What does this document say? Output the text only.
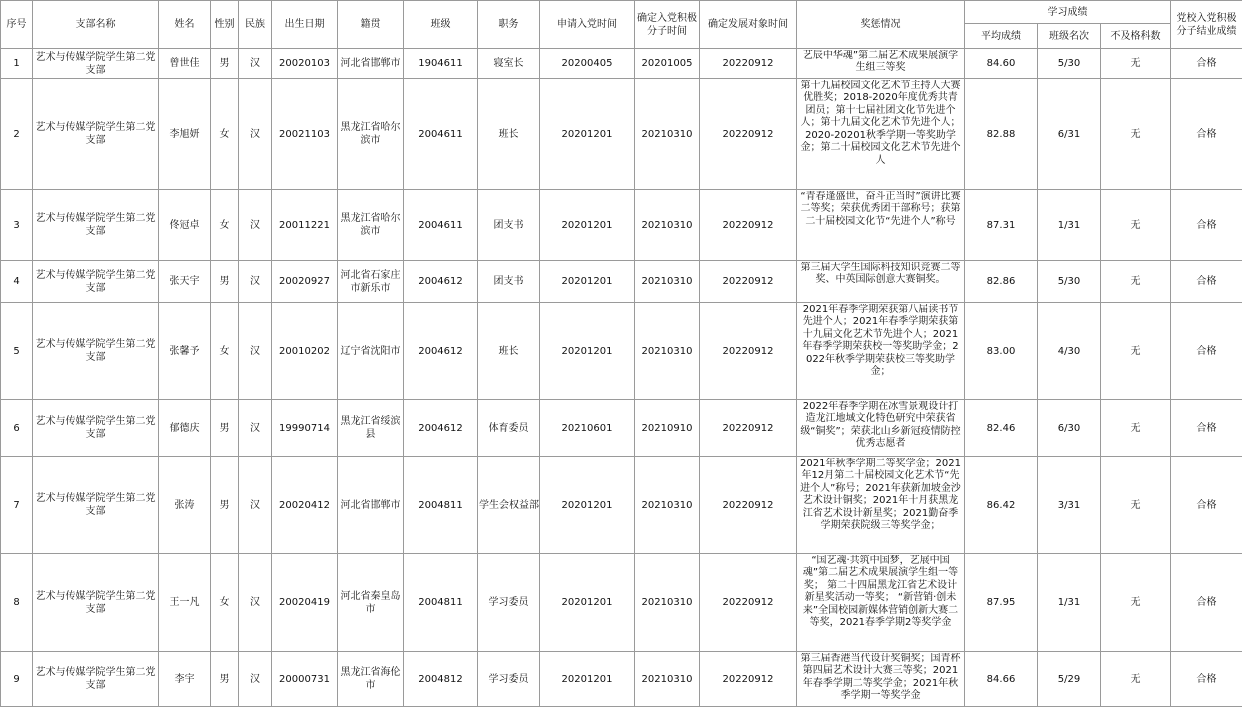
序号	支部名称	姓名	性别	民族	出生日期	籍贯	班级	职务	申请入党时间	确定入党积极分子时间	确定发展对象时间	奖惩情况	学习成绩			党校入党积极分子结业成绩
													平均成绩	班级名次	不及格科数	
1	艺术与传媒学院学生第二党支部	曾世佳	男	汉	20020103	河北省邯郸市	1904611	寝室长	20200405	20201005	20220912	艺辰中华魂”第二届艺术成果展演学生组三等奖	84.60	5/30	无	合格
2	艺术与传媒学院学生第二党支部	李旭妍	女	汉	20021103	黑龙江省哈尔滨市	2004611	班长	20201201	20210310	20220912	第十九届校园文化艺术节主持人大赛优胜奖；2018-2020年度优秀共青团员；第十七届社团文化节先进个人；第十九届文化艺术节先进个人；2020-20201秋季学期一等奖助学金；第二十届校园文化艺术节先进个人	82.88	6/31	无	合格
3	艺术与传媒学院学生第二党支部	佟冠卓	女	汉	20011221	黑龙江省哈尔滨市	2004611	团支书	20201201	20210310	20220912	“青春逢盛世，奋斗正当时”演讲比赛二等奖；荣获优秀团干部称号；获第二十届校园文化节“先进个人”称号	87.31	1/31	无	合格
4	艺术与传媒学院学生第二党支部	张天宇	男	汉	20020927	河北省石家庄市新乐市	2004612	团支书	20201201	20210310	20220912	第三届大学生国际科技知识竞赛二等奖、中英国际创意大赛铜奖。	82.86	5/30	无	合格
5	艺术与传媒学院学生第二党支部	张馨予	女	汉	20010202	辽宁省沈阳市	2004612	班长	20201201	20210310	20220912	2021年春季学期荣获第八届读书节先进个人；2021年春季学期荣获第十九届文化艺术节先进个人；2021年春季学期荣获校一等奖助学金；2022年秋季学期荣获校三等奖助学金；	83.00	4/30	无	合格
6	艺术与传媒学院学生第二党支部	郁德庆	男	汉	19990714	黑龙江省绥滨县	2004612	体育委员	20210601	20210910	20220912	2022年春季学期在冰雪景观设计打造龙江地域文化特色研究中荣获省级“铜奖”；荣获北山乡新冠疫情防控优秀志愿者	82.46	6/30	无	合格
7	艺术与传媒学院学生第二党支部	张涛	男	汉	20020412	河北省邯郸市	2004811	学生会权益部	20201201	20210310	20220912	2021年秋季学期二等奖学金；2021年12月第二十届校园文化艺术节“先进个人”称号；2021年获新加坡金沙艺术设计铜奖；2021年十月获黑龙江省艺术设计新星奖；2021勤奋季学期荣获院级三等奖学金；	86.42	3/31	无	合格
8	艺术与传媒学院学生第二党支部	王一凡	女	汉	20020419	河北省秦皇岛市	2004811	学习委员	20201201	20210310	20220912	“国艺魂·共筑中国梦，艺展中国魂”第二届艺术成果展演学生组一等奖； 第二十四届黑龙江省艺术设计新星奖活动一等奖； “新营销·创未来”全国校园新媒体营销创新大赛二等奖，2021春季学期2等奖学金	87.95	1/31	无	合格
9	艺术与传媒学院学生第二党支部	李宇	男	汉	20000731	黑龙江省海伦市	2004812	学习委员	20201201	20210310	20220912	第三届香港当代设计奖铜奖；国青杯第四届艺术设计大赛三等奖；2021年春季学期二等奖学金；2021年秋季学期一等奖学金	84.66	5/29	无	合格
